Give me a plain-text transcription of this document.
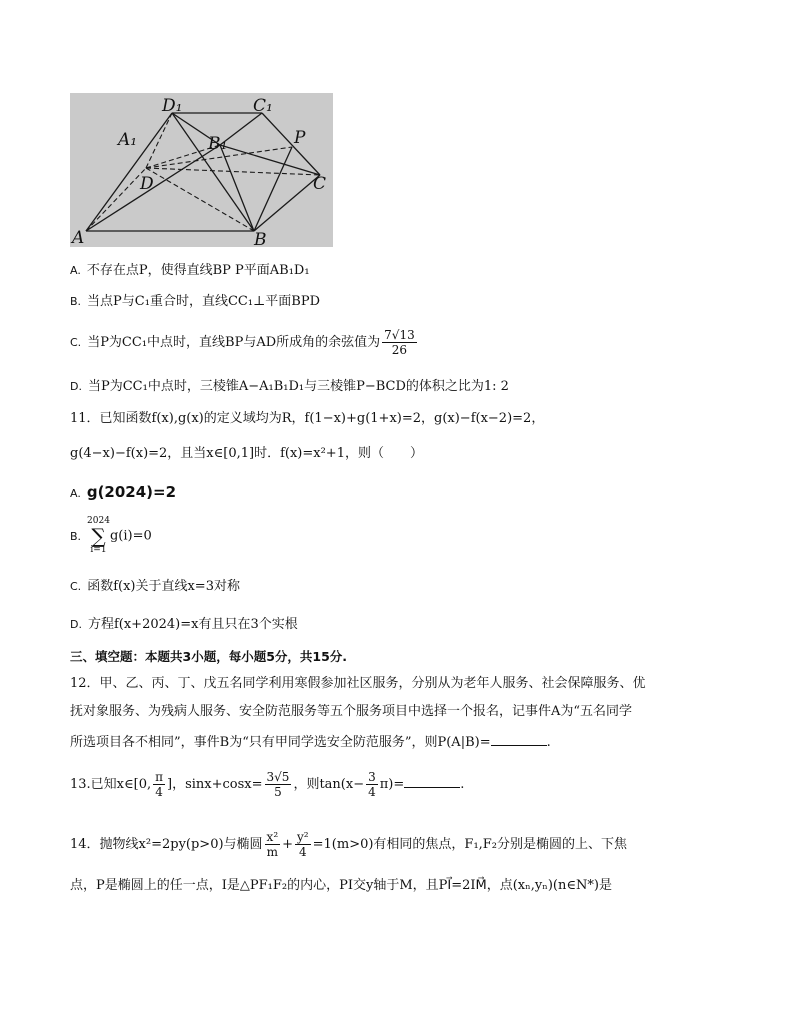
A	B
C
D
A₁	B₁
C₁
D₁
P
A. 不存在点P，使得直线BP P平面AB₁D₁
B. 当点P与C₁重合时，直线CC₁⊥平面BPD
C. 当P为CC₁中点时，直线BP与AD所成角的余弦值为 $\frac{7√13}{26}$
D. 当P为CC₁中点时，三棱锥A−A₁B₁D₁与三棱锥P−BCD的体积之比为1: 2
11．已知函数f(x),g(x)的定义域均为R，f(1−x)+g(1+x)=2，g(x)−f(x−2)=2，
g(4−x)−f(x)=2，且当x∈[0,1]时．f(x)=x²+1，则（　　）
A. g(2024)=2
B.
2024
∑
i=1
g(i)=0
C. 函数f(x)关于直线x=3对称
D. 方程f(x+2024)=x有且只在3个实根
三、填空题：本题共3小题，每小题5分，共15分.
12．甲、乙、丙、丁、戊五名同学利用寒假参加社区服务，分别从为老年人服务、社会保障服务、优
抚对象服务、为残病人服务、安全防范服务等五个服务项目中选择一个报名，记事件A为“五名同学
所选项目各不相同”，事件B为“只有甲同学选安全防范服务”，则P(A|B)=	.
13.已知x∈[0, $\frac{\pi}{4}$ ]，$\sin x+\cos x= \frac{3√5}{5}$ ，则$\tan(x- \frac{3}{4} \pi)=$	.
14．抛物线x²=2py(p>0)与椭圆 $\frac{\text{x²}}{m} + \frac{\text{y²}}{4} =1(m>0)$有相同的焦点，F₁,F₂分别是椭圆的上、下焦
点，P是椭圆上的任一点，I是△PF₁F₂的内心，PI交y轴于M，且PI⃗=2IM⃗，点(xₙ,yₙ)(n∈N*)是
